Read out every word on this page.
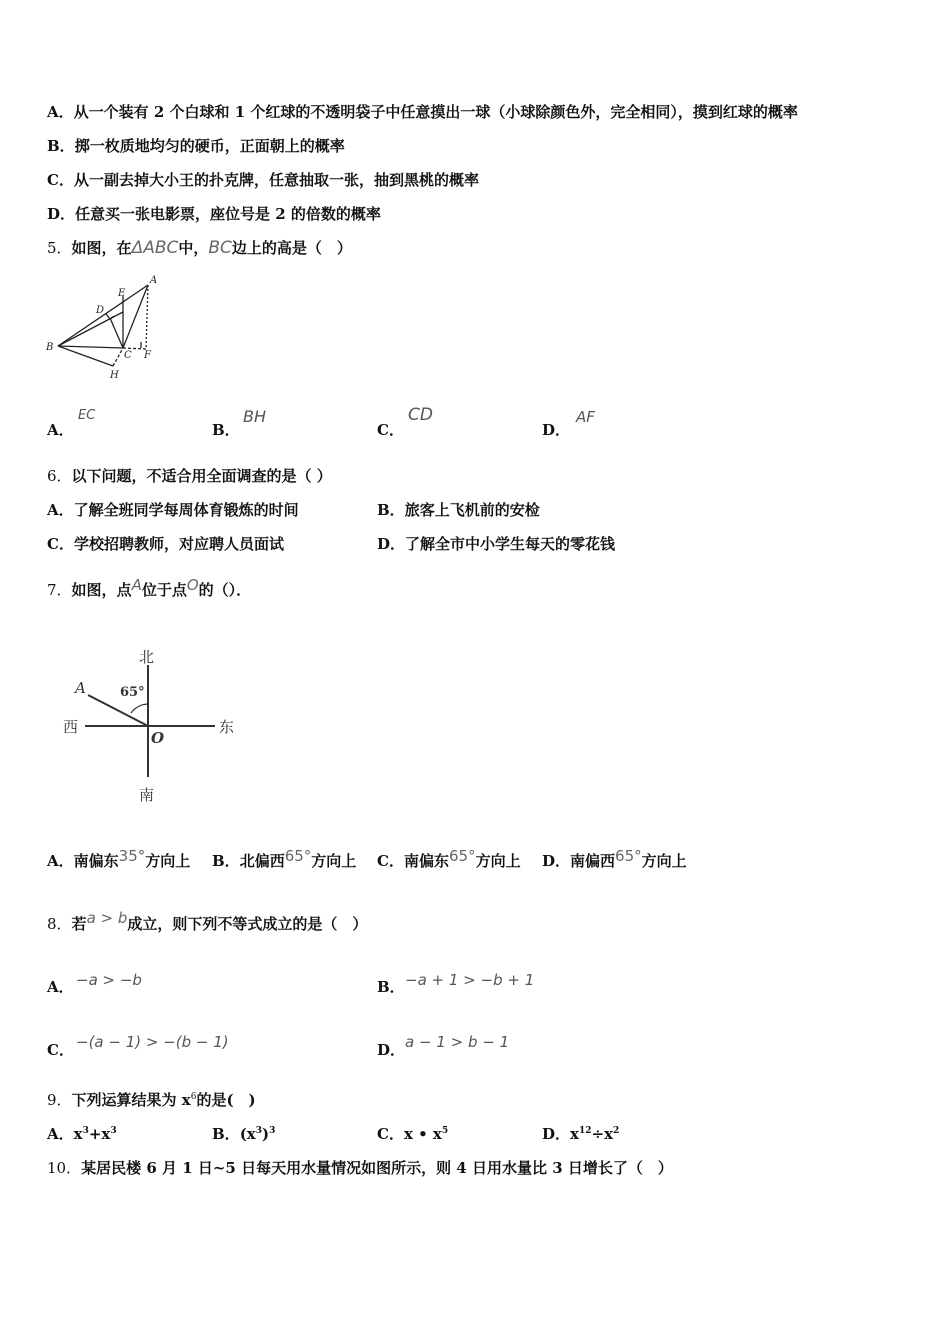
A．从一个装有 2 个白球和 1 个红球的不透明袋子中任意摸出一球（小球除颜色外，完全相同），摸到红球的概率
B．掷一枚质地均匀的硬币，正面朝上的概率
C．从一副去掉大小王的扑克牌，任意抽取一张，抽到黑桃的概率
D．任意买一张电影票，座位号是 2 的倍数的概率
5．如图，在ΔABC中，BC边上的高是（　）
A
B
C
D
E
F
H
A．
EC
B．
BH
C．
CD
D．
AF
6．以下问题，不适合用全面调查的是（ ）
A．了解全班同学每周体育锻炼的时间	B．旅客上飞机前的安检
C．学校招聘教师，对应聘人员面试	D．了解全市中小学生每天的零花钱
7．如图，点A位于点O的（）．
北
南
西	东
65°
A
O
A．南偏东35°方向上 B．北偏西65°方向上 C．南偏东65°方向上 D．南偏西65°方向上
8．若a > b成立，则下列不等式成立的是（　）
A． −a > −b	B． −a + 1 > −b + 1
C． −(a − 1) > −(b − 1)	D． a − 1 > b − 1
9．下列运算结果为 $x^6$的是(　)
A．$x^3+x^3$	B．$(x^3)^3$	C．x • $x^5$	D．$x^{12}\div x^2$
10．某居民楼 6 月 1 日~5 日每天用水量情况如图所示，则 4 日用水量比 3 日增长了（　）
